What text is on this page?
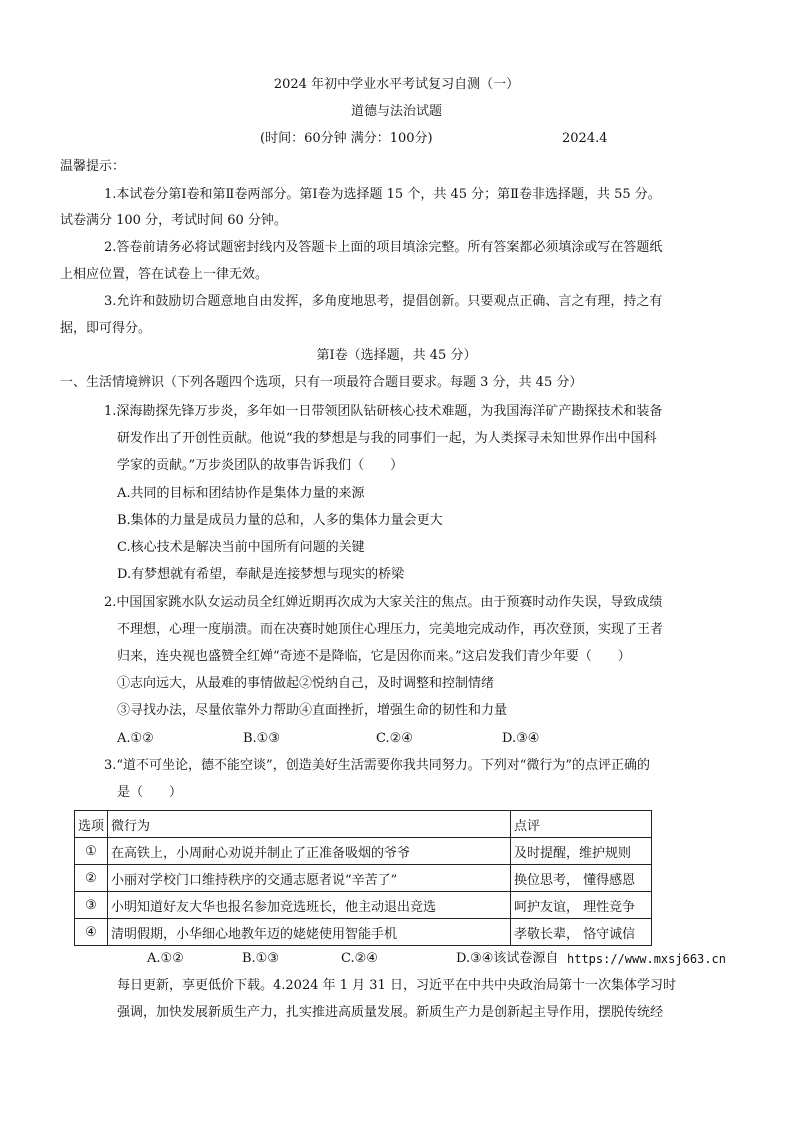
2024 年初中学业水平考试复习自测（一）
道德与法治试题
(时间：60分钟 满分：100分)	2024.4
温馨提示：
1.本试卷分第Ⅰ卷和第Ⅱ卷两部分。第Ⅰ卷为选择题 15 个，共 45 分；第Ⅱ卷非选择题，共 55 分。
试卷满分 100 分，考试时间 60 分钟。
2.答卷前请务必将试题密封线内及答题卡上面的项目填涂完整。所有答案都必须填涂或写在答题纸
上相应位置，答在试卷上一律无效。
3.允许和鼓励切合题意地自由发挥，多角度地思考，提倡创新。只要观点正确、言之有理，持之有
据，即可得分。
第Ⅰ卷（选择题，共 45 分）
一、生活情境辨识（下列各题四个选项，只有一项最符合题目要求。每题 3 分，共 45 分）
1.深海勘探先锋万步炎，多年如一日带领团队钻研核心技术难题，为我国海洋矿产勘探技术和装备
研发作出了开创性贡献。他说“我的梦想是与我的同事们一起，为人类探寻未知世界作出中国科
学家的贡献。”万步炎团队的故事告诉我们（　　）
A.共同的目标和团结协作是集体力量的来源
B.集体的力量是成员力量的总和，人多的集体力量会更大
C.核心技术是解决当前中国所有问题的关键
D.有梦想就有希望，奉献是连接梦想与现实的桥梁
2.中国国家跳水队女运动员全红婵近期再次成为大家关注的焦点。由于预赛时动作失误，导致成绩
不理想，心理一度崩溃。而在决赛时她顶住心理压力，完美地完成动作，再次登顶，实现了王者
归来，连央视也盛赞全红婵“奇迹不是降临，它是因你而来。”这启发我们青少年要（　　）
①志向远大，从最难的事情做起②悦纳自己，及时调整和控制情绪
③寻找办法，尽量依靠外力帮助④直面挫折，增强生命的韧性和力量
A.①②	B.①③	C.②④	D.③④
3.“道不可坐论，德不能空谈”，创造美好生活需要你我共同努力。下列对“微行为”的点评正确的
是（　　）
选项	微行为	点评
①	在高铁上，小周耐心劝说并制止了正准备吸烟的爷爷	及时提醒，维护规则
②	小丽对学校门口维持秩序的交通志愿者说“辛苦了”	换位思考， 懂得感恩
③	小明知道好友大华也报名参加竞选班长，他主动退出竞选	呵护友谊， 理性竞争
④	清明假期，小华细心地教年迈的姥姥使用智能手机	孝敬长辈， 恪守诚信
A.①②	B.①③	C.②④	D.③④该试卷源自 https://www.mxsj663.cn
每日更新，享更低价下载。4.2024 年 1 月 31 日，习近平在中共中央政治局第十一次集体学习时
强调，加快发展新质生产力，扎实推进高质量发展。新质生产力是创新起主导作用，摆脱传统经
